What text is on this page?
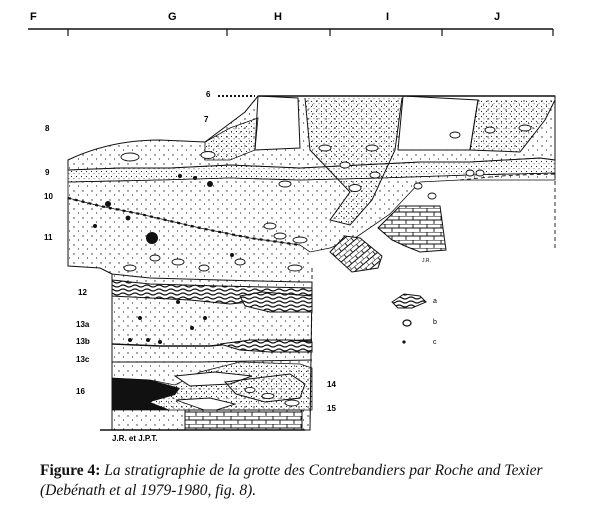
F	G	H	I	J
a
b
c
6
7
8
9
10
11
12
13a
13b
13c
16
14
15
J.R. et J.P.T.
J.R.
Figure 4: La stratigraphie de la grotte des Contrebandiers par Roche and Texier (Debénath et al 1979-1980, fig. 8).
